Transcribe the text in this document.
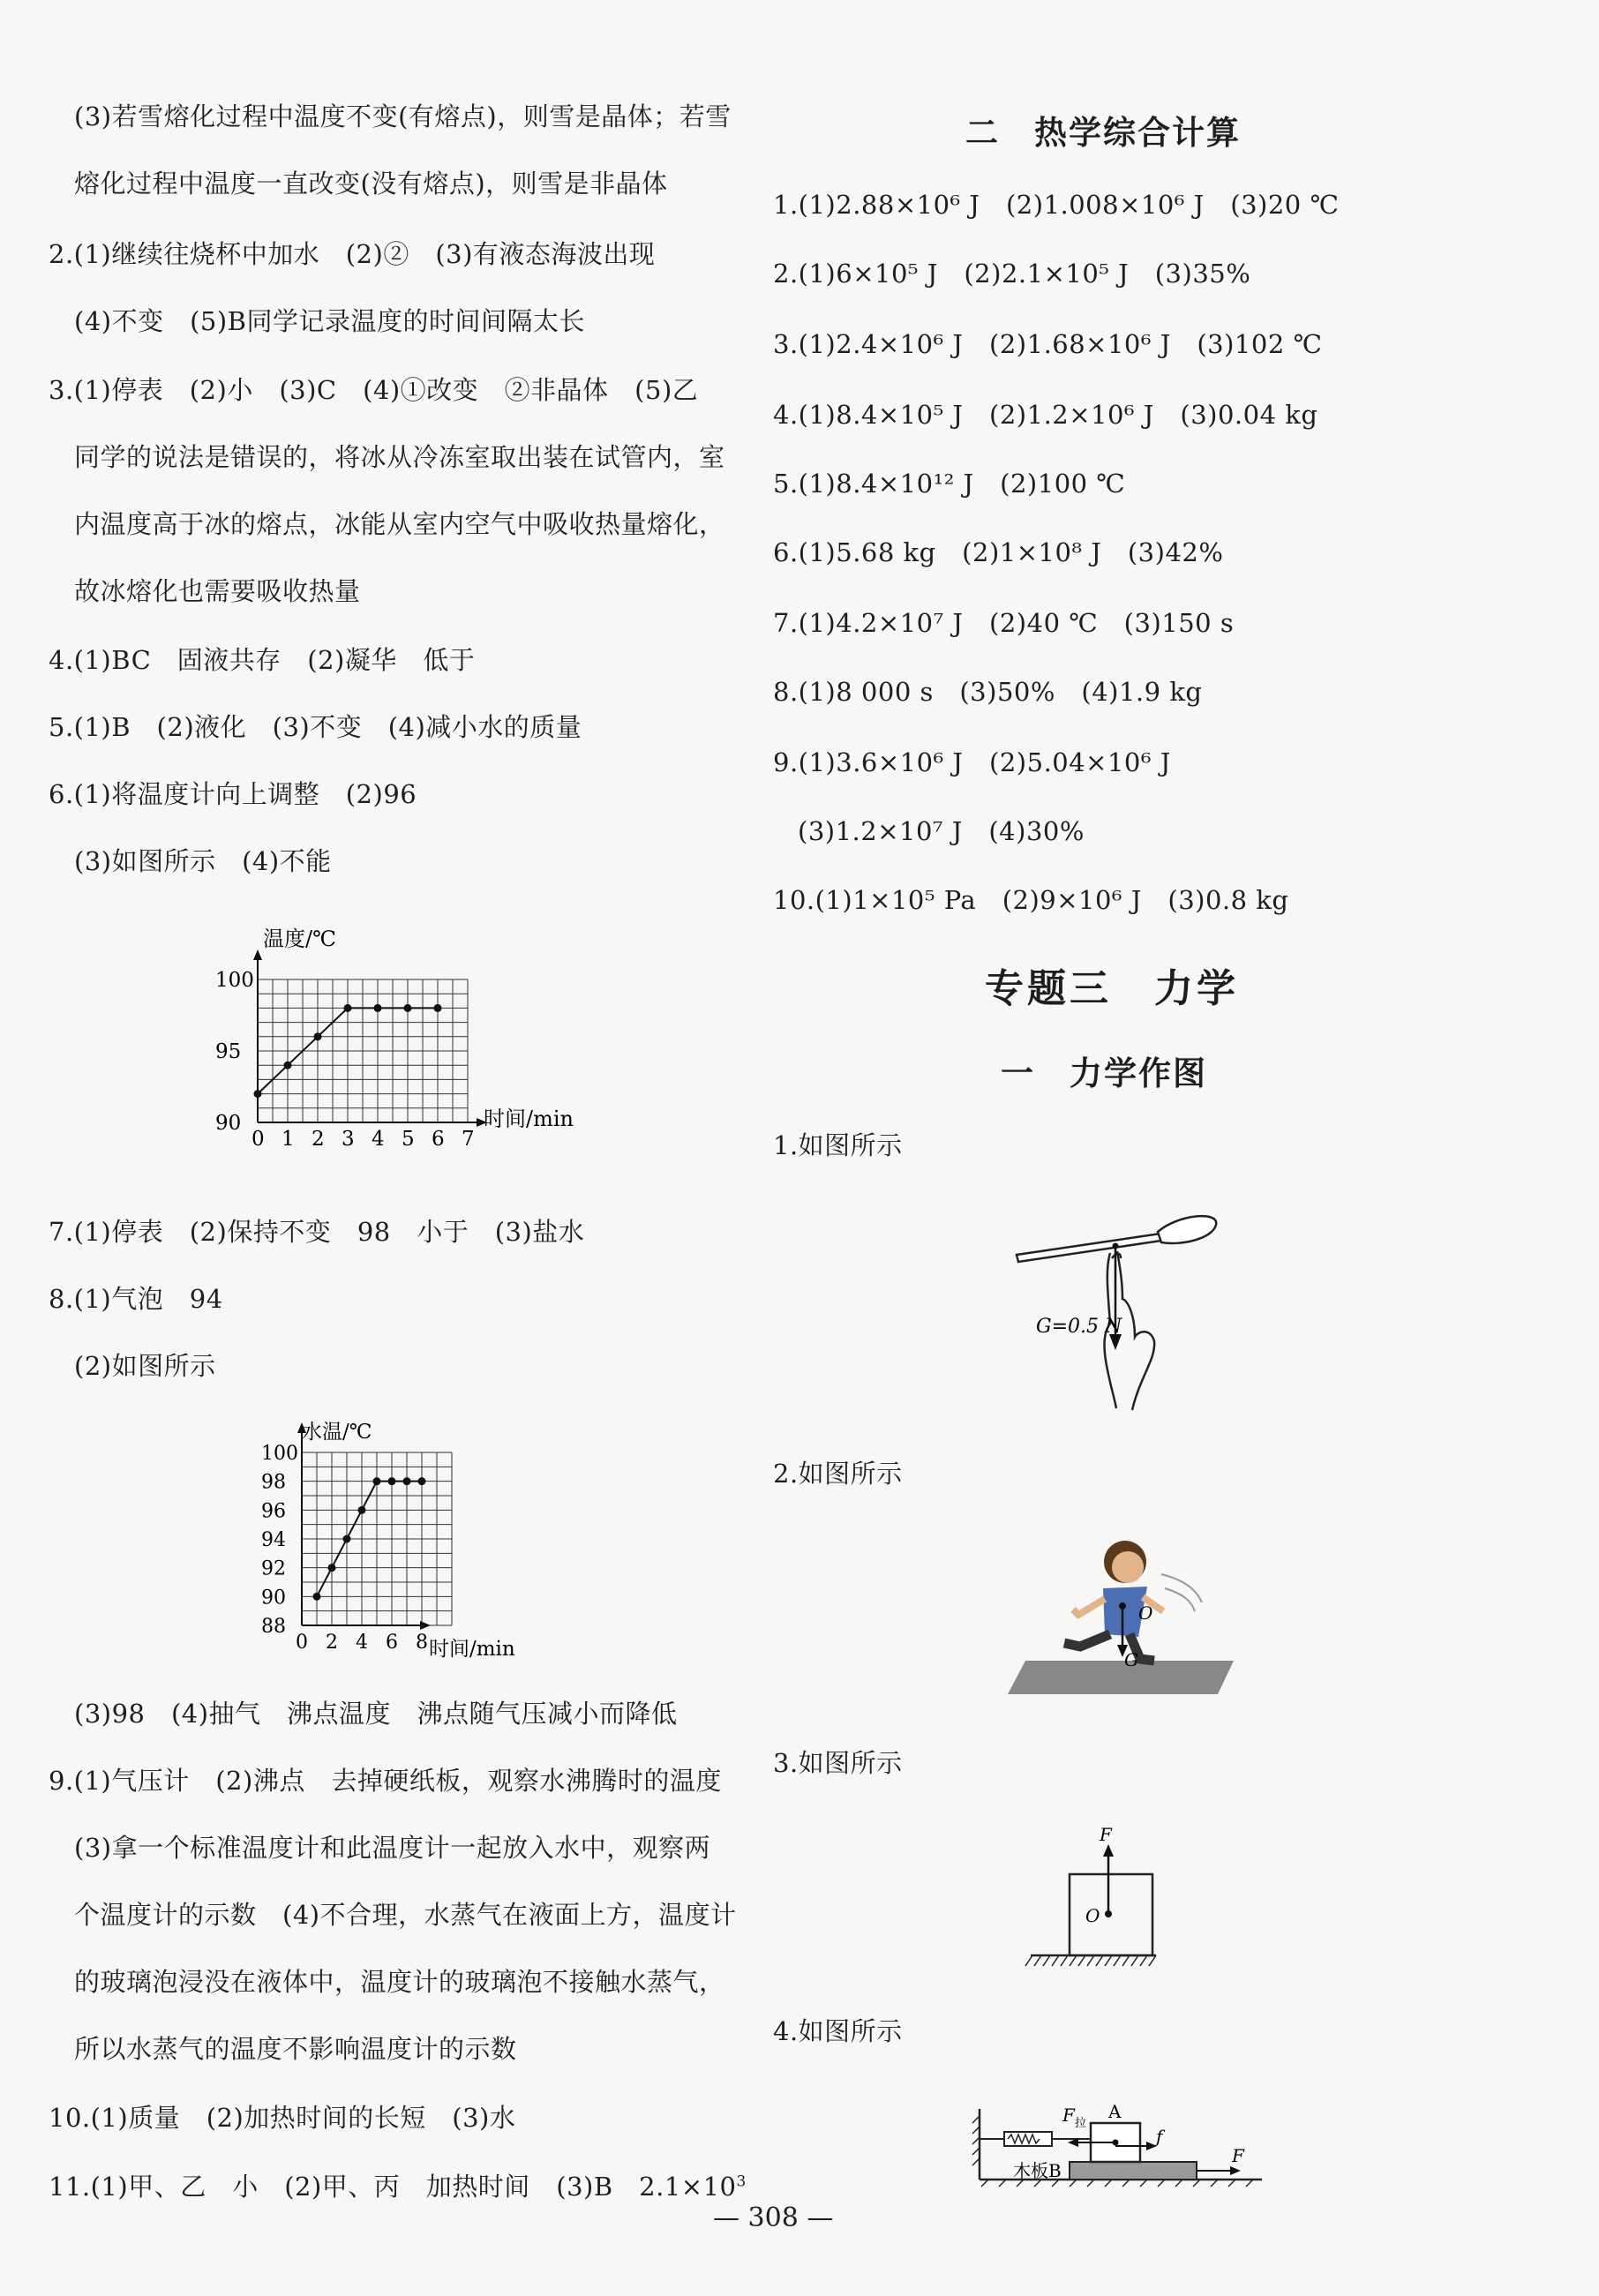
(3)若雪熔化过程中温度不变(有熔点)，则雪是晶体；若雪
熔化过程中温度一直改变(没有熔点)，则雪是非晶体
2.(1)继续往烧杯中加水　(2)②　(3)有液态海波出现
(4)不变　(5)B同学记录温度的时间间隔太长
3.(1)停表　(2)小　(3)C　(4)①改变　②非晶体　(5)乙
同学的说法是错误的，将冰从冷冻室取出装在试管内，室
内温度高于冰的熔点，冰能从室内空气中吸收热量熔化，
故冰熔化也需要吸收热量
4.(1)BC　固液共存　(2)凝华　低于
5.(1)B　(2)液化　(3)不变　(4)减小水的质量
6.(1)将温度计向上调整　(2)96
(3)如图所示　(4)不能
0 1 2 3 4 5 6 7
90
95
100
温度/℃
时间/min
7.(1)停表　(2)保持不变　98　小于　(3)盐水
8.(1)气泡　94
(2)如图所示
0 2 4 6 8
88
90
92
94
96
98
100
水温/℃
时间/min
(3)98　(4)抽气　沸点温度　沸点随气压减小而降低
9.(1)气压计　(2)沸点　去掉硬纸板，观察水沸腾时的温度
(3)拿一个标准温度计和此温度计一起放入水中，观察两
个温度计的示数　(4)不合理，水蒸气在液面上方，温度计
的玻璃泡浸没在液体中，温度计的玻璃泡不接触水蒸气，
所以水蒸气的温度不影响温度计的示数
10.(1)质量　(2)加热时间的长短　(3)水
11.(1)甲、乙　小　(2)甲、丙　加热时间　(3)B　$2.1\times 10^3$
二　热学综合计算
1.(1)2.88×10⁶ J　(2)1.008×10⁶ J　(3)20 ℃
2.(1)6×10⁵ J　(2)2.1×10⁵ J　(3)35%
3.(1)2.4×10⁶ J　(2)1.68×10⁶ J　(3)102 ℃
4.(1)8.4×10⁵ J　(2)1.2×10⁶ J　(3)0.04 kg
5.(1)8.4×10¹² J　(2)100 ℃
6.(1)5.68 kg　(2)1×10⁸ J　(3)42%
7.(1)4.2×10⁷ J　(2)40 ℃　(3)150 s
8.(1)8 000 s　(3)50%　(4)1.9 kg
9.(1)3.6×10⁶ J　(2)5.04×10⁶ J
(3)1.2×10⁷ J　(4)30%
10.(1)1×10⁵ Pa　(2)9×10⁶ J　(3)0.8 kg
专题三　力学
一　力学作图
1.如图所示
G=0.5 N
2.如图所示
O
G
3.如图所示
F
O
4.如图所示
F 拉
A
f
F
木板B
— 308 —
